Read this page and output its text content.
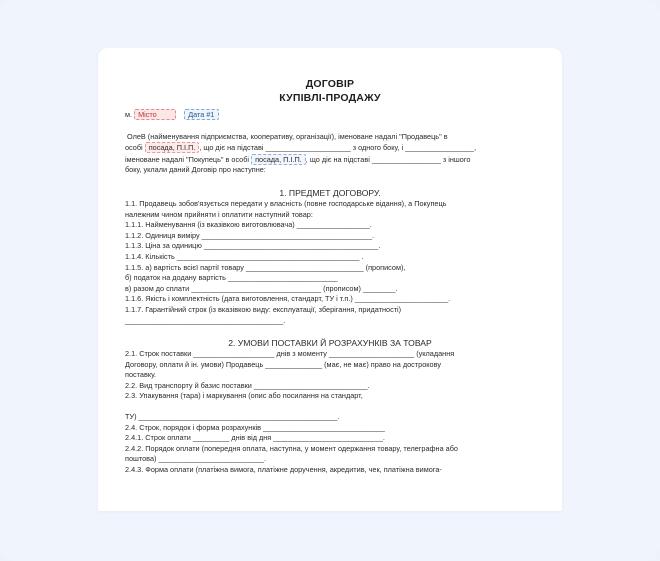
ДОГОВІР
КУПІВЛІ-ПРОДАЖУ
м. Місто	Дата #1
ОлеВ (найменування підприємства, кооперативу, організації), іменоване надалі "Продавець" в
особі посада, П.І.П. , що діє на підставі _____________________ з одного боку, і _________________,
іменоване надалі "Покупець" в особі посада, П.І.П. , що діє на підставі _________________ з іншого
боку, уклали даний Договір про наступне:
1. ПРЕДМЕТ ДОГОВОРУ.
1.1. Продавець зобов'язується передати у власність (повне господарське відання), а Покупець
належним чином прийняти і оплатити наступний товар:
1.1.1. Найменування (із вказівкою виготовлювача) __________________.
1.1.2. Одиниця виміру __________________________________________.
1.1.3. Ціна за одиницю ___________________________________________.
1.1.4. Кількість _____________________________________________ .
1.1.5. а) вартість всієї партії товару _____________________________ (прописом),
б) податок на додану вартість ___________________________
в) разом до сплати ________________________________ (прописом) ________.
1.1.6. Якість і комплектність (дата виготовлення, стандарт, ТУ і т.п.) _______________________.
1.1.7. Гарантійний строк (із вказівкою виду: експлуатації, зберігання, придатності)
_______________________________________.
2. УМОВИ ПОСТАВКИ Й РОЗРАХУНКІВ ЗА ТОВАР
2.1. Строк поставки ____________________ днів з моменту _____________________ (укладання
Договору, оплати й ін. умови) Продавець ______________ (має, не має) право на дострокову
поставку.
2.2. Вид транспорту й базис поставки ____________________________.
2.3. Упакування (тара) і маркування (опис або посилання на стандарт,
ТУ) _________________________________________________.
2.4. Строк, порядок і форма розрахунків ______________________________
2.4.1. Строк оплати _________ днів від дня ___________________________.
2.4.2. Порядок оплати (попередня оплата, наступна, у момент одержання товару, телеграфна або
поштова) __________________________.
2.4.3. Форма оплати (платіжна вимога, платіжне доручення, акредитив, чек, платіжна вимога-
